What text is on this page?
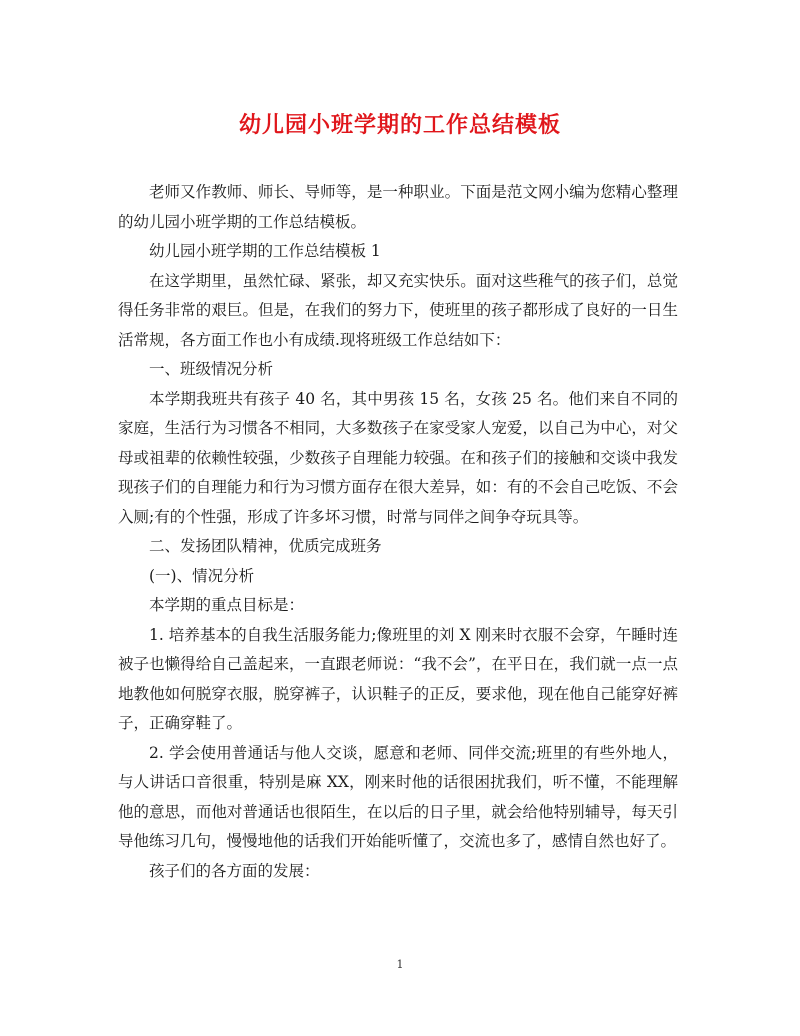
幼儿园小班学期的工作总结模板

老师又作教师、师长、导师等，是一种职业。下面是范文网小编为您精心整理的幼儿园小班学期的工作总结模板。

幼儿园小班学期的工作总结模板 1

在这学期里，虽然忙碌、紧张，却又充实快乐。面对这些稚气的孩子们，总觉得任务非常的艰巨。但是，在我们的努力下，使班里的孩子都形成了良好的一日生活常规，各方面工作也小有成绩.现将班级工作总结如下：

一、班级情况分析

本学期我班共有孩子 40 名，其中男孩 15 名，女孩 25 名。他们来自不同的家庭，生活行为习惯各不相同，大多数孩子在家受家人宠爱，以自己为中心，对父母或祖辈的依赖性较强，少数孩子自理能力较强。在和孩子们的接触和交谈中我发现孩子们的自理能力和行为习惯方面存在很大差异，如：有的不会自己吃饭、不会入厕;有的个性强，形成了许多坏习惯，时常与同伴之间争夺玩具等。

二、发扬团队精神，优质完成班务

(一)、情况分析

本学期的重点目标是：

1. 培养基本的自我生活服务能力;像班里的刘 X 刚来时衣服不会穿，午睡时连被子也懒得给自己盖起来，一直跟老师说：“我不会”，在平日在，我们就一点一点地教他如何脱穿衣服，脱穿裤子，认识鞋子的正反，要求他，现在他自己能穿好裤子，正确穿鞋了。

2. 学会使用普通话与他人交谈，愿意和老师、同伴交流;班里的有些外地人，与人讲话口音很重，特别是麻 XX，刚来时他的话很困扰我们，听不懂，不能理解他的意思，而他对普通话也很陌生，在以后的日子里，就会给他特别辅导，每天引导他练习几句，慢慢地他的话我们开始能听懂了，交流也多了，感情自然也好了。

孩子们的各方面的发展：

1
